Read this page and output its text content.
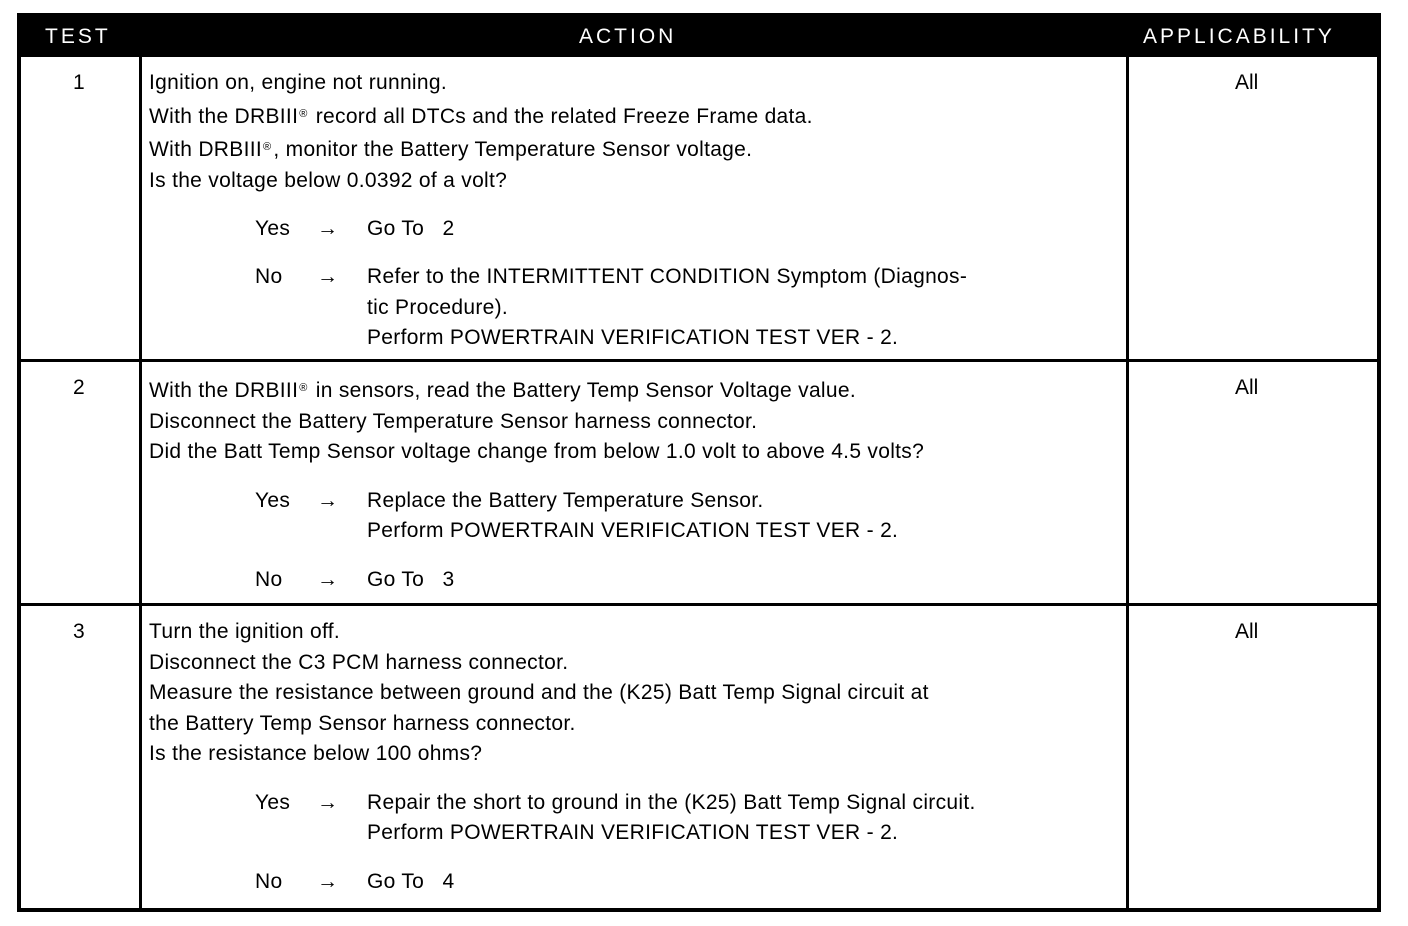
TEST	ACTION	APPLICABILITY
1	Ignition on, engine not running.
With the DRBIII® record all DTCs and the related Freeze Frame data.
With DRBIII®, monitor the Battery Temperature Sensor voltage.
Is the voltage below 0.0392 of a volt?
Yes → Go To   2
No → Refer to the INTERMITTENT CONDITION Symptom (Diagnos-
tic Procedure).
Perform POWERTRAIN VERIFICATION TEST VER - 2.
All
2	With the DRBIII® in sensors, read the Battery Temp Sensor Voltage value.
Disconnect the Battery Temperature Sensor harness connector.
Did the Batt Temp Sensor voltage change from below 1.0 volt to above 4.5 volts?
Yes → Replace the Battery Temperature Sensor.
Perform POWERTRAIN VERIFICATION TEST VER - 2.
No → Go To   3
All
3	Turn the ignition off.
Disconnect the C3 PCM harness connector.
Measure the resistance between ground and the (K25) Batt Temp Signal circuit at
the Battery Temp Sensor harness connector.
Is the resistance below 100 ohms?
Yes → Repair the short to ground in the (K25) Batt Temp Signal circuit.
Perform POWERTRAIN VERIFICATION TEST VER - 2.
No → Go To   4
All
